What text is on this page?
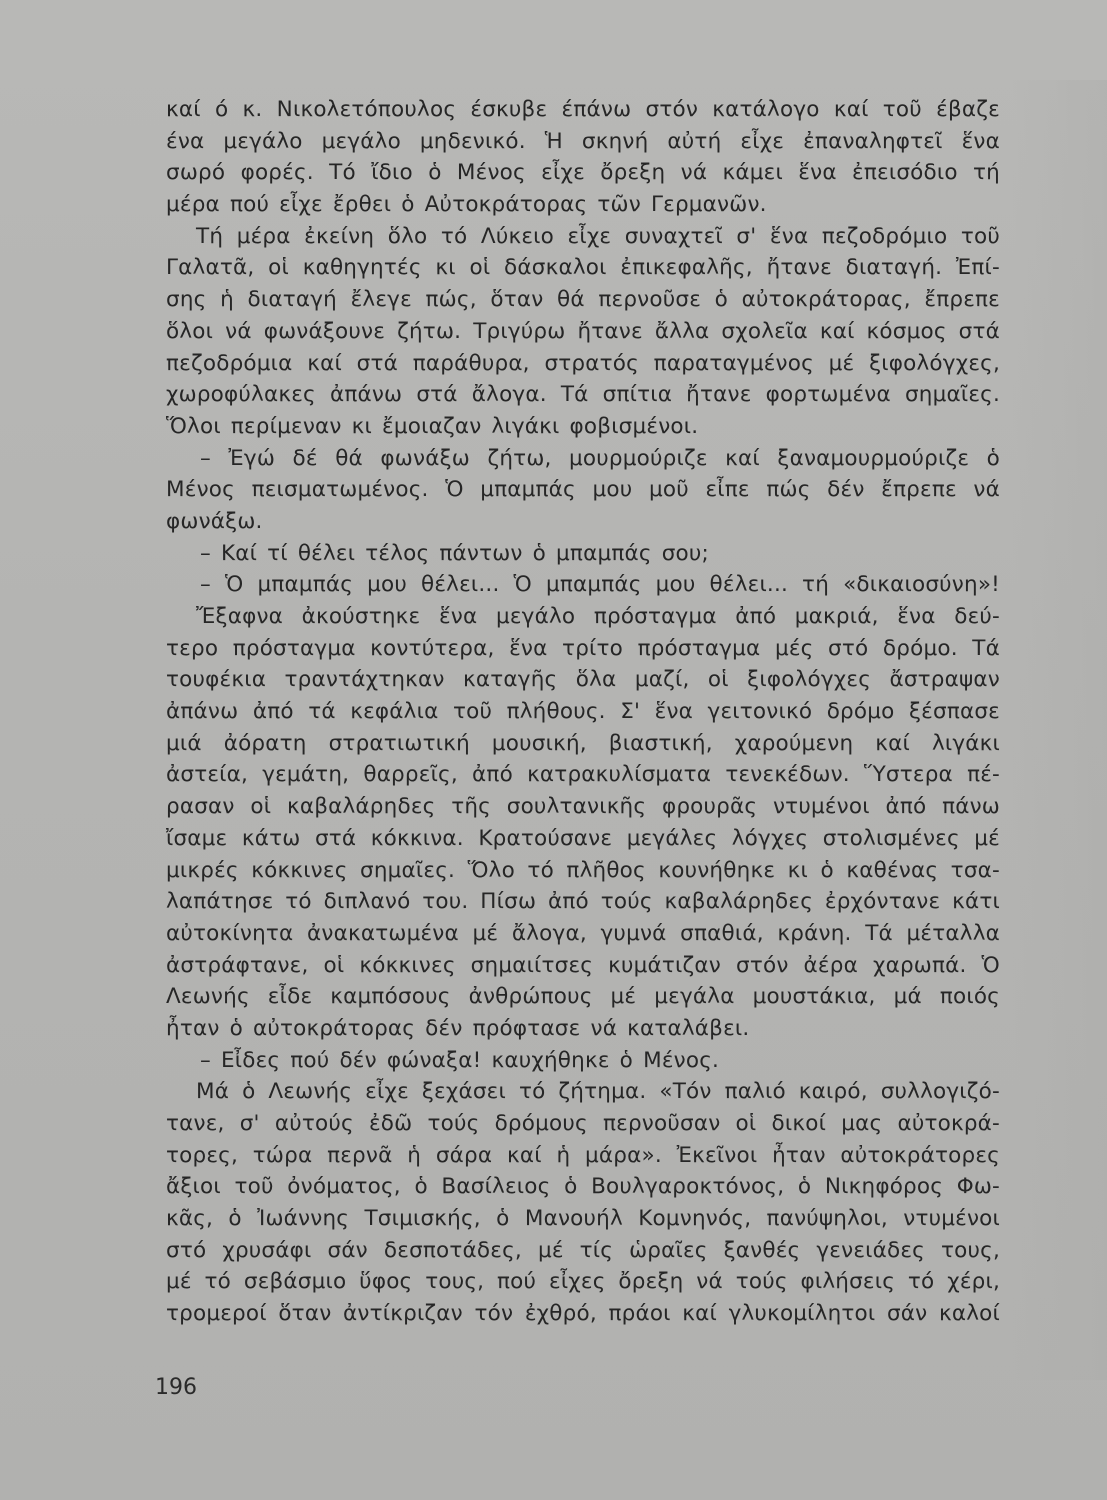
καί ό κ. Νικολετόπουλος έσκυβε έπάνω στόν κατάλογο καί τοῦ έβαζε
ένα μεγάλο μεγάλο μηδενικό. Ἡ σκηνή αὐτή εἶχε ἐπαναληφτεῖ ἕνα
σωρό φορές. Τό ἴδιο ὁ Μένος εἶχε ὄρεξη νά κάμει ἕνα ἐπεισόδιο τή
μέρα πού εἶχε ἔρθει ὁ Αὐτοκράτορας τῶν Γερμανῶν.
Τή μέρα ἐκείνη ὅλο τό Λύκειο εἶχε συναχτεῖ σ' ἕνα πεζοδρόμιο τοῦ
Γαλατᾶ, οἱ καθηγητές κι οἱ δάσκαλοι ἐπικεφαλῆς, ἤτανε διαταγή. Ἐπί-
σης ἡ διαταγή ἔλεγε πώς, ὅταν θά περνοῦσε ὁ αὐτοκράτορας, ἔπρεπε
ὅλοι νά φωνάξουνε ζήτω. Τριγύρω ἤτανε ἄλλα σχολεῖα καί κόσμος στά
πεζοδρόμια καί στά παράθυρα, στρατός παραταγμένος μέ ξιφολόγχες,
χωροφύλακες ἀπάνω στά ἄλογα. Τά σπίτια ἤτανε φορτωμένα σημαῖες.
Ὅλοι περίμεναν κι ἔμοιαζαν λιγάκι φοβισμένοι.
– Ἐγώ δέ θά φωνάξω ζήτω, μουρμούριζε καί ξαναμουρμούριζε ὁ
Μένος πεισματωμένος. Ὁ μπαμπάς μου μοῦ εἶπε πώς δέν ἔπρεπε νά
φωνάξω.
– Καί τί θέλει τέλος πάντων ὁ μπαμπάς σου;
– Ὁ μπαμπάς μου θέλει... Ὁ μπαμπάς μου θέλει... τή «δικαιοσύνη»!
Ἔξαφνα ἀκούστηκε ἕνα μεγάλο πρόσταγμα ἀπό μακριά, ἕνα δεύ-
τερο πρόσταγμα κοντύτερα, ἕνα τρίτο πρόσταγμα μές στό δρόμο. Τά
τουφέκια τραντάχτηκαν καταγῆς ὅλα μαζί, οἱ ξιφολόγχες ἄστραψαν
ἀπάνω ἀπό τά κεφάλια τοῦ πλήθους. Σ' ἕνα γειτονικό δρόμο ξέσπασε
μιά ἀόρατη στρατιωτική μουσική, βιαστική, χαρούμενη καί λιγάκι
ἀστεία, γεμάτη, θαρρεῖς, ἀπό κατρακυλίσματα τενεκέδων. Ὕστερα πέ-
ρασαν οἱ καβαλάρηδες τῆς σουλτανικῆς φρουρᾶς ντυμένοι ἀπό πάνω
ἴσαμε κάτω στά κόκκινα. Κρατούσανε μεγάλες λόγχες στολισμένες μέ
μικρές κόκκινες σημαῖες. Ὅλο τό πλῆθος κουνήθηκε κι ὁ καθένας τσα-
λαπάτησε τό διπλανό του. Πίσω ἀπό τούς καβαλάρηδες ἐρχόντανε κάτι
αὐτοκίνητα ἀνακατωμένα μέ ἄλογα, γυμνά σπαθιά, κράνη. Τά μέταλλα
ἀστράφτανε, οἱ κόκκινες σημαιίτσες κυμάτιζαν στόν ἀέρα χαρωπά. Ὁ
Λεωνής εἶδε καμπόσους ἀνθρώπους μέ μεγάλα μουστάκια, μά ποιός
ἦταν ὁ αὐτοκράτορας δέν πρόφτασε νά καταλάβει.
– Εἶδες πού δέν φώναξα! καυχήθηκε ὁ Μένος.
Μά ὁ Λεωνής εἶχε ξεχάσει τό ζήτημα. «Τόν παλιό καιρό, συλλογιζό-
τανε, σ' αὐτούς ἐδῶ τούς δρόμους περνοῦσαν οἱ δικοί μας αὐτοκρά-
τορες, τώρα περνᾶ ἡ σάρα καί ἡ μάρα». Ἐκεῖνοι ἦταν αὐτοκράτορες
ἄξιοι τοῦ ὀνόματος, ὁ Βασίλειος ὁ Βουλγαροκτόνος, ὁ Νικηφόρος Φω-
κᾶς, ὁ Ἰωάννης Τσιμισκής, ὁ Μανουήλ Κομνηνός, πανύψηλοι, ντυμένοι
στό χρυσάφι σάν δεσποτάδες, μέ τίς ὡραῖες ξανθές γενειάδες τους,
μέ τό σεβάσμιο ὕφος τους, πού εἶχες ὄρεξη νά τούς φιλήσεις τό χέρι,
τρομεροί ὅταν ἀντίκριζαν τόν ἐχθρό, πράοι καί γλυκομίλητοι σάν καλοί
196
